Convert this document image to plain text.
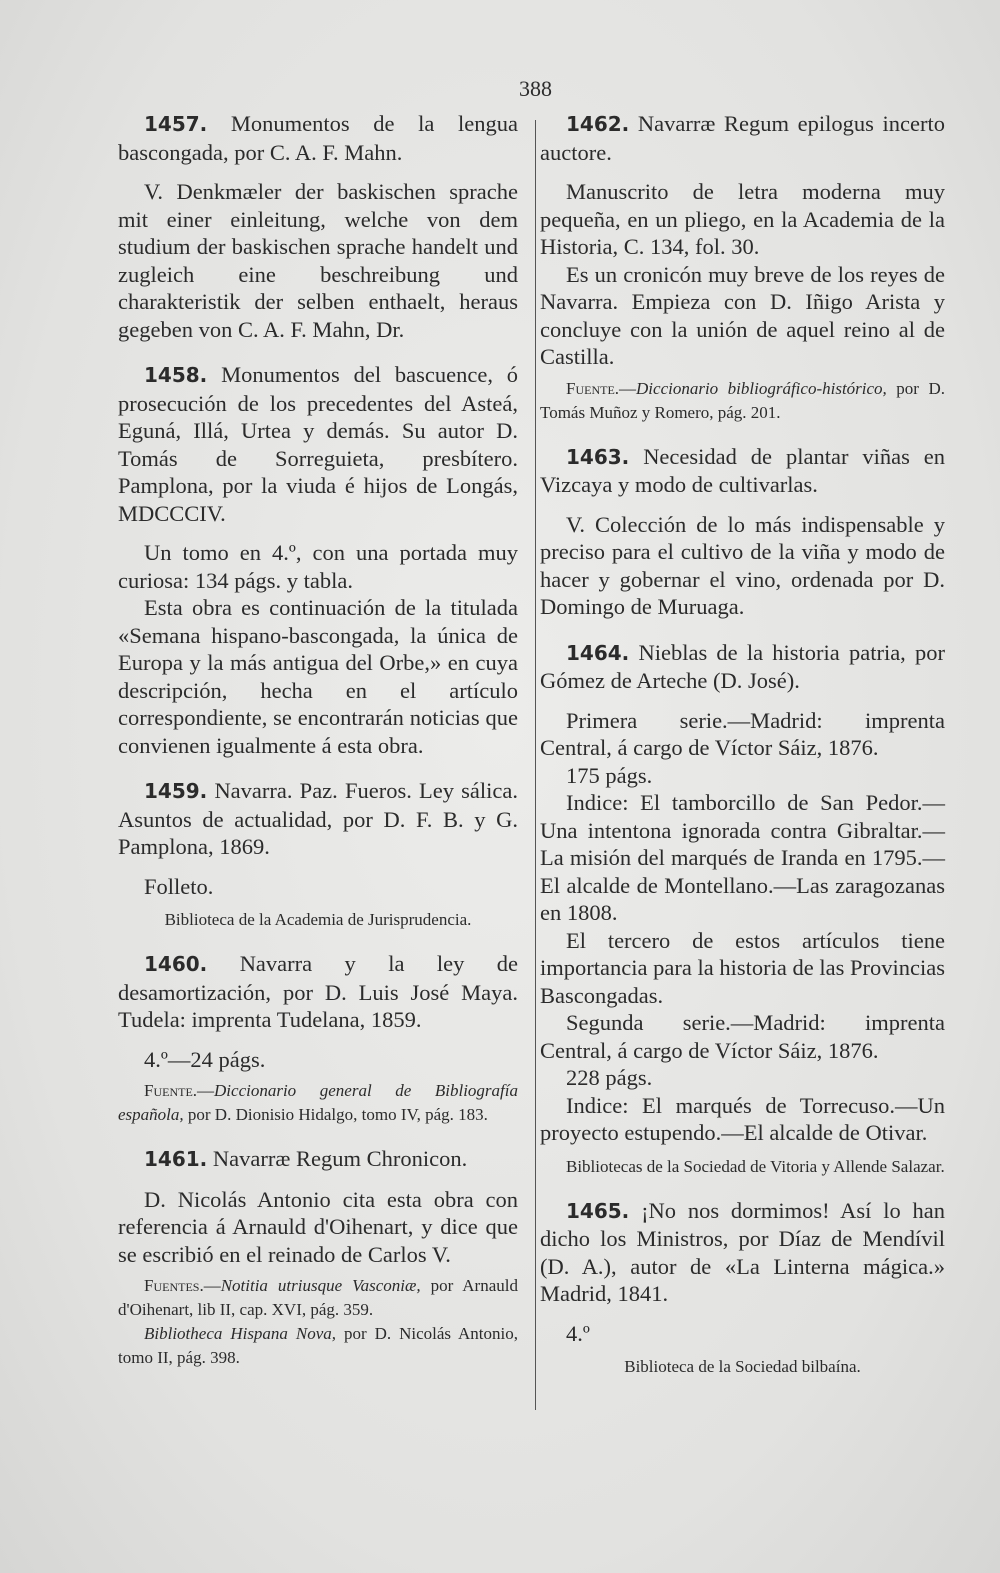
388

1457. Monumentos de la lengua bascongada, por C. A. F. Mahn.

V. Denkmæler der baskischen sprache mit einer einleitung, welche von dem studium der baskischen sprache handelt und zugleich eine beschreibung und charakteristik der selben enthaelt, heraus gegeben von C. A. F. Mahn, Dr.

1458. Monumentos del bascuence, ó prosecución de los precedentes del Asteá, Eguná, Illá, Urtea y demás. Su autor D. Tomás de Sorreguieta, presbítero. Pamplona, por la viuda é hijos de Longás, MDCCCIV.

Un tomo en 4.º, con una portada muy curiosa: 134 págs. y tabla.

Esta obra es continuación de la titulada «Semana hispano-bascongada, la única de Europa y la más antigua del Orbe,» en cuya descripción, hecha en el artículo correspondiente, se encontrarán noticias que convienen igualmente á esta obra.

1459. Navarra. Paz. Fueros. Ley sálica. Asuntos de actualidad, por D. F. B. y G. Pamplona, 1869.

Folleto.

Biblioteca de la Academia de Jurisprudencia.

1460. Navarra y la ley de desamortización, por D. Luis José Maya. Tudela: imprenta Tudelana, 1859.

4.º—24 págs.

Fuente.—Diccionario general de Bibliografía española, por D. Dionisio Hidalgo, tomo IV, pág. 183.

1461. Navarræ Regum Chronicon.

D. Nicolás Antonio cita esta obra con referencia á Arnauld d'Oihenart, y dice que se escribió en el reinado de Carlos V.

Fuentes.—Notitia utriusque Vasconiæ, por Arnauld d'Oihenart, lib II, cap. XVI, pág. 359.

Bibliotheca Hispana Nova, por D. Nicolás Antonio, tomo II, pág. 398.

1462. Navarræ Regum epilogus incerto auctore.

Manuscrito de letra moderna muy pequeña, en un pliego, en la Academia de la Historia, C. 134, fol. 30.

Es un cronicón muy breve de los reyes de Navarra. Empieza con D. Iñigo Arista y concluye con la unión de aquel reino al de Castilla.

Fuente.—Diccionario bibliográfico-histórico, por D. Tomás Muñoz y Romero, pág. 201.

1463. Necesidad de plantar viñas en Vizcaya y modo de cultivarlas.

V. Colección de lo más indispensable y preciso para el cultivo de la viña y modo de hacer y gobernar el vino, ordenada por D. Domingo de Muruaga.

1464. Nieblas de la historia patria, por Gómez de Arteche (D. José).

Primera serie.—Madrid: imprenta Central, á cargo de Víctor Sáiz, 1876.

175 págs.

Indice: El tamborcillo de San Pedor.—Una intentona ignorada contra Gibraltar.—La misión del marqués de Iranda en 1795.—El alcalde de Montellano.—Las zaragozanas en 1808.

El tercero de estos artículos tiene importancia para la historia de las Provincias Bascongadas.

Segunda serie.—Madrid: imprenta Central, á cargo de Víctor Sáiz, 1876.

228 págs.

Indice: El marqués de Torrecuso.—Un proyecto estupendo.—El alcalde de Otivar.

Bibliotecas de la Sociedad de Vitoria y Allende Salazar.

1465. ¡No nos dormimos! Así lo han dicho los Ministros, por Díaz de Mendívil (D. A.), autor de «La Linterna mágica.» Madrid, 1841.

4.º

Biblioteca de la Sociedad bilbaína.
